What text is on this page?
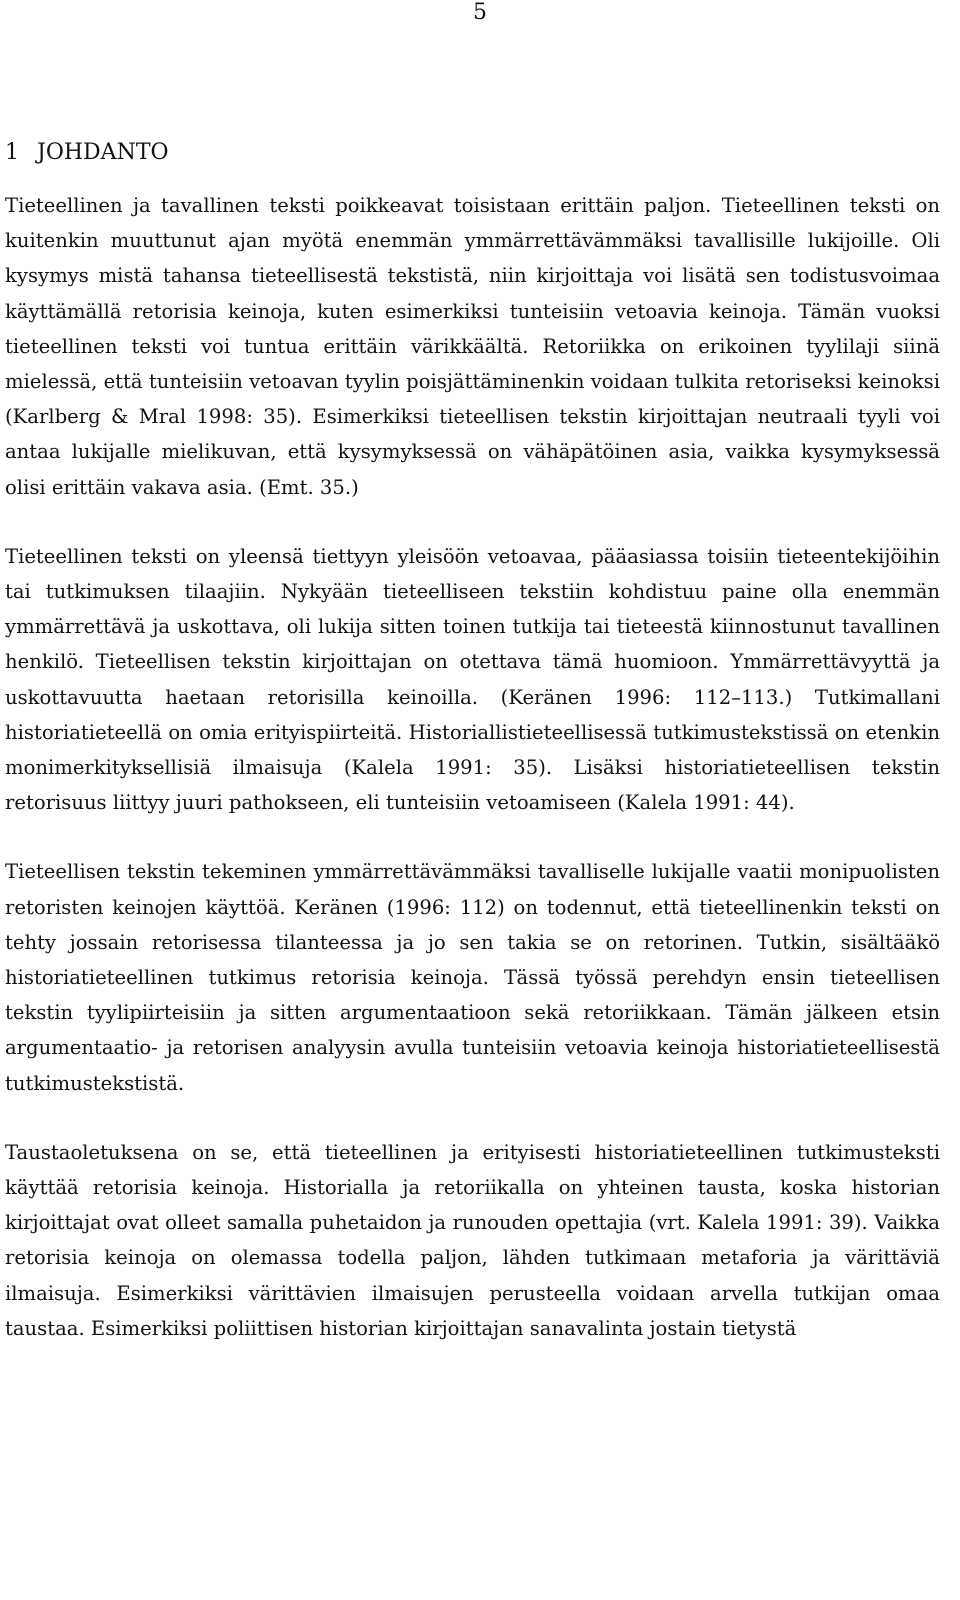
5
1 JOHDANTO

Tieteellinen ja tavallinen teksti poikkeavat toisistaan erittäin paljon. Tieteellinen teksti on kuitenkin muuttunut ajan myötä enemmän ymmärrettävämmäksi tavallisille lukijoille. Oli kysymys mistä tahansa tieteellisestä tekstistä, niin kirjoittaja voi lisätä sen todistusvoimaa käyttämällä retorisia keinoja, kuten esimerkiksi tunteisiin vetoavia keinoja. Tämän vuoksi tieteellinen teksti voi tuntua erittäin värikkäältä. Retoriikka on erikoinen tyylilaji siinä mielessä, että tunteisiin vetoavan tyylin poisjättäminenkin voidaan tulkita retoriseksi keinoksi (Karlberg & Mral 1998: 35). Esimerkiksi tieteellisen tekstin kirjoittajan neutraali tyyli voi antaa lukijalle mielikuvan, että kysymyksessä on vähäpätöinen asia, vaikka kysymyksessä olisi erittäin vakava asia. (Emt. 35.)

Tieteellinen teksti on yleensä tiettyyn yleisöön vetoavaa, pääasiassa toisiin tieteentekijöihin tai tutkimuksen tilaajiin. Nykyään tieteelliseen tekstiin kohdistuu paine olla enemmän ymmärrettävä ja uskottava, oli lukija sitten toinen tutkija tai tieteestä kiinnostunut tavallinen henkilö. Tieteellisen tekstin kirjoittajan on otettava tämä huomioon. Ymmärrettävyyttä ja uskottavuutta haetaan retorisilla keinoilla. (Keränen 1996: 112–113.) Tutkimallani historiatieteellä on omia erityispiirteitä. Historiallistieteellisessä tutkimustekstissä on etenkin monimerkityksellisiä ilmaisuja (Kalela 1991: 35). Lisäksi historiatieteellisen tekstin retorisuus liittyy juuri pathokseen, eli tunteisiin vetoamiseen (Kalela 1991: 44).

Tieteellisen tekstin tekeminen ymmärrettävämmäksi tavalliselle lukijalle vaatii monipuolisten retoristen keinojen käyttöä. Keränen (1996: 112) on todennut, että tieteellinenkin teksti on tehty jossain retorisessa tilanteessa ja jo sen takia se on retorinen. Tutkin, sisältääkö historiatieteellinen tutkimus retorisia keinoja. Tässä työssä perehdyn ensin tieteellisen tekstin tyylipiirteisiin ja sitten argumentaatioon sekä retoriikkaan. Tämän jälkeen etsin argumentaatio- ja retorisen analyysin avulla tunteisiin vetoavia keinoja historiatieteellisestä tutkimustekstistä.

Taustaoletuksena on se, että tieteellinen ja erityisesti historiatieteellinen tutkimusteksti käyttää retorisia keinoja. Historialla ja retoriikalla on yhteinen tausta, koska historian kirjoittajat ovat olleet samalla puhetaidon ja runouden opettajia (vrt. Kalela 1991: 39). Vaikka retorisia keinoja on olemassa todella paljon, lähden tutkimaan metaforia ja värittäviä ilmaisuja. Esimerkiksi värittävien ilmaisujen perusteella voidaan arvella tutkijan omaa taustaa. Esimerkiksi poliittisen historian kirjoittajan sanavalinta jostain tietystä
